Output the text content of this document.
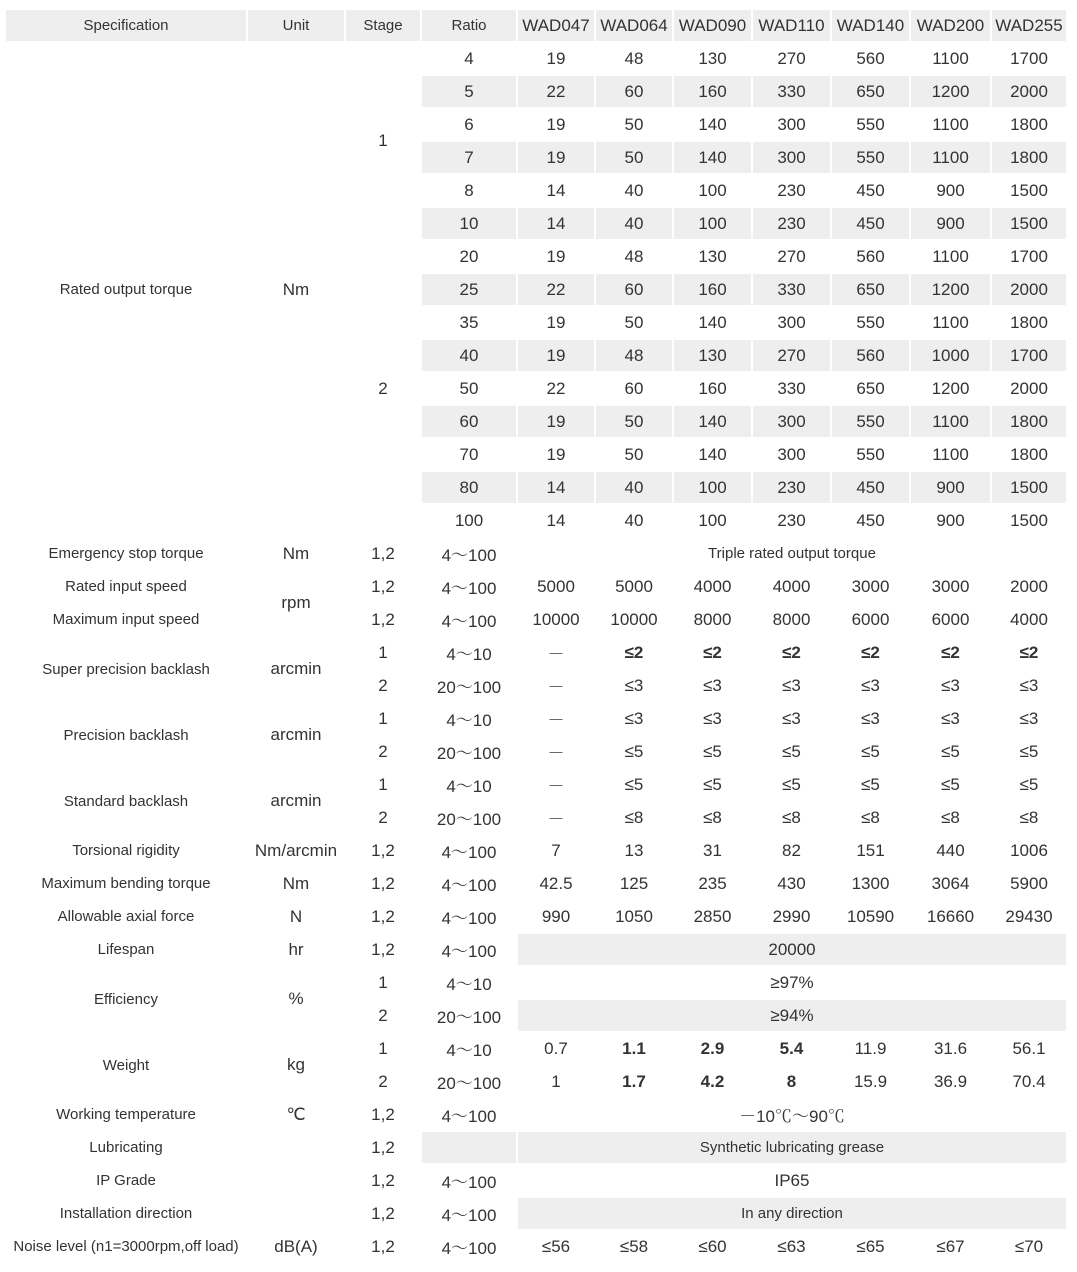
Specification	Unit	Stage	Ratio	WAD047	WAD064	WAD090	WAD110	WAD140	WAD200	WAD255
Rated output torque	Nm	1	4	19	48	130	270	560	1100	1700
			5	22	60	160	330	650	1200	2000
			6	19	50	140	300	550	1100	1800
			7	19	50	140	300	550	1100	1800
			8	14	40	100	230	450	900	1500
			10	14	40	100	230	450	900	1500
		2	20	19	48	130	270	560	1100	1700
			25	22	60	160	330	650	1200	2000
			35	19	50	140	300	550	1100	1800
			40	19	48	130	270	560	1000	1700
			50	22	60	160	330	650	1200	2000
			60	19	50	140	300	550	1100	1800
			70	19	50	140	300	550	1100	1800
			80	14	40	100	230	450	900	1500
			100	14	40	100	230	450	900	1500
Emergency stop torque	Nm	1,2	4～100	Triple rated output torque						
Rated input speed	rpm	1,2	4～100	5000	5000	4000	4000	3000	3000	2000
Maximum input speed		1,2	4～100	10000	10000	8000	8000	6000	6000	4000
Super precision backlash	arcmin	1	4～10	－	≤2	≤2	≤2	≤2	≤2	≤2
		2	20～100	－	≤3	≤3	≤3	≤3	≤3	≤3
Precision backlash	arcmin	1	4～10	－	≤3	≤3	≤3	≤3	≤3	≤3
		2	20～100	－	≤5	≤5	≤5	≤5	≤5	≤5
Standard backlash	arcmin	1	4～10	－	≤5	≤5	≤5	≤5	≤5	≤5
		2	20～100	－	≤8	≤8	≤8	≤8	≤8	≤8
Torsional rigidity	Nm/arcmin	1,2	4～100	7	13	31	82	151	440	1006
Maximum bending torque	Nm	1,2	4～100	42.5	125	235	430	1300	3064	5900
Allowable axial force	N	1,2	4～100	990	1050	2850	2990	10590	16660	29430
Lifespan	hr	1,2	4～100	20000						
Efficiency	%	1	4～10	≥97%						
		2	20～100	≥94%						
Weight	kg	1	4～10	0.7	1.1	2.9	5.4	11.9	31.6	56.1
		2	20～100	1	1.7	4.2	8	15.9	36.9	70.4
Working temperature	℃	1,2	4～100	－10℃～90℃						
Lubricating		1,2		Synthetic lubricating grease						
IP Grade		1,2	4～100	IP65						
Installation direction		1,2	4～100	In any direction						
Noise level (n1=3000rpm,off load)	dB(A)	1,2	4～100	≤56	≤58	≤60	≤63	≤65	≤67	≤70
